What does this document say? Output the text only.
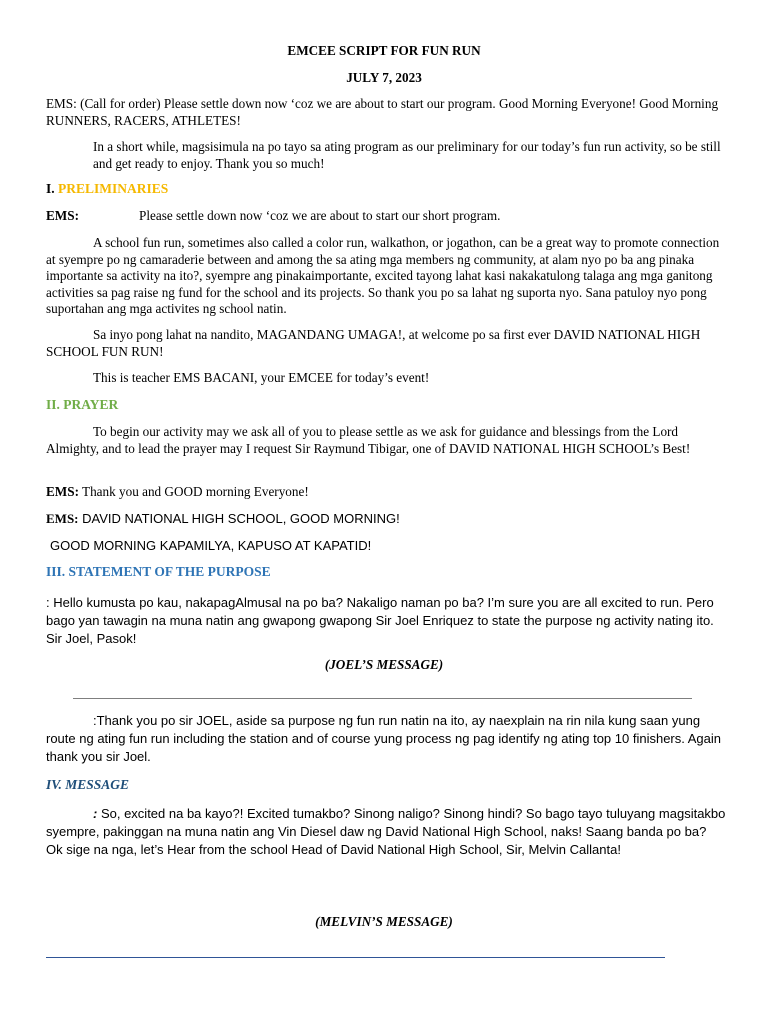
EMCEE SCRIPT FOR FUN RUN
JULY 7, 2023

EMS: (Call for order) Please settle down now ‘coz we are about to start our program. Good Morning Everyone! Good Morning RUNNERS, RACERS, ATHLETES!

In a short while, magsisimula na po tayo sa ating program as our preliminary for our today’s fun run activity, so be still and get ready to enjoy. Thank you so much!

I. PRELIMINARIES

EMS:	Please settle down now ‘coz we are about to start our short program.

A school fun run, sometimes also called a color run, walkathon, or jogathon, can be a great way to promote connection at syempre po ng camaraderie between and among the sa ating mga members ng community, at alam nyo po ba ang pinaka importante sa activity na ito?, syempre ang pinakaimportante, excited tayong lahat kasi nakakatulong talaga ang mga ganitong activities sa pag raise ng fund for the school and its projects. So thank you po sa lahat ng suporta nyo. Sana patuloy nyo pong suportahan ang mga activites ng school natin.

Sa inyo pong lahat na nandito, MAGANDANG UMAGA!, at welcome po sa first ever DAVID NATIONAL HIGH SCHOOL FUN RUN!

This is teacher EMS BACANI, your EMCEE for today’s event!

II. PRAYER

To begin our activity may we ask all of you to please settle as we ask for guidance and blessings from the Lord Almighty, and to lead the prayer may I request Sir Raymund Tibigar, one of DAVID NATIONAL HIGH SCHOOL’s Best!

EMS: Thank you and GOOD morning Everyone!

EMS: DAVID NATIONAL HIGH SCHOOL, GOOD MORNING!

GOOD MORNING KAPAMILYA, KAPUSO AT KAPATID!

III. STATEMENT OF THE PURPOSE

: Hello kumusta po kau, nakapagAlmusal na po ba? Nakaligo naman po ba? I’m sure you are all excited to run. Pero bago yan tawagin na muna natin ang gwapong gwapong Sir Joel Enriquez to state the purpose ng activity nating ito. Sir Joel, Pasok!

(JOEL’S MESSAGE)

:Thank you po sir JOEL, aside sa purpose ng fun run natin na ito, ay naexplain na rin nila kung saan yung route ng ating fun run including the station and of course yung process ng pag identify ng ating top 10 finishers. Again thank you sir Joel.

IV. MESSAGE

: So, excited na ba kayo?! Excited tumakbo? Sinong naligo? Sinong hindi? So bago tayo tuluyang magsitakbo syempre, pakinggan na muna natin ang Vin Diesel daw ng David National High School, naks! Saang banda po ba? Ok sige na nga, let’s Hear from the school Head of David National High School, Sir, Melvin Callanta!

(MELVIN’S MESSAGE)
